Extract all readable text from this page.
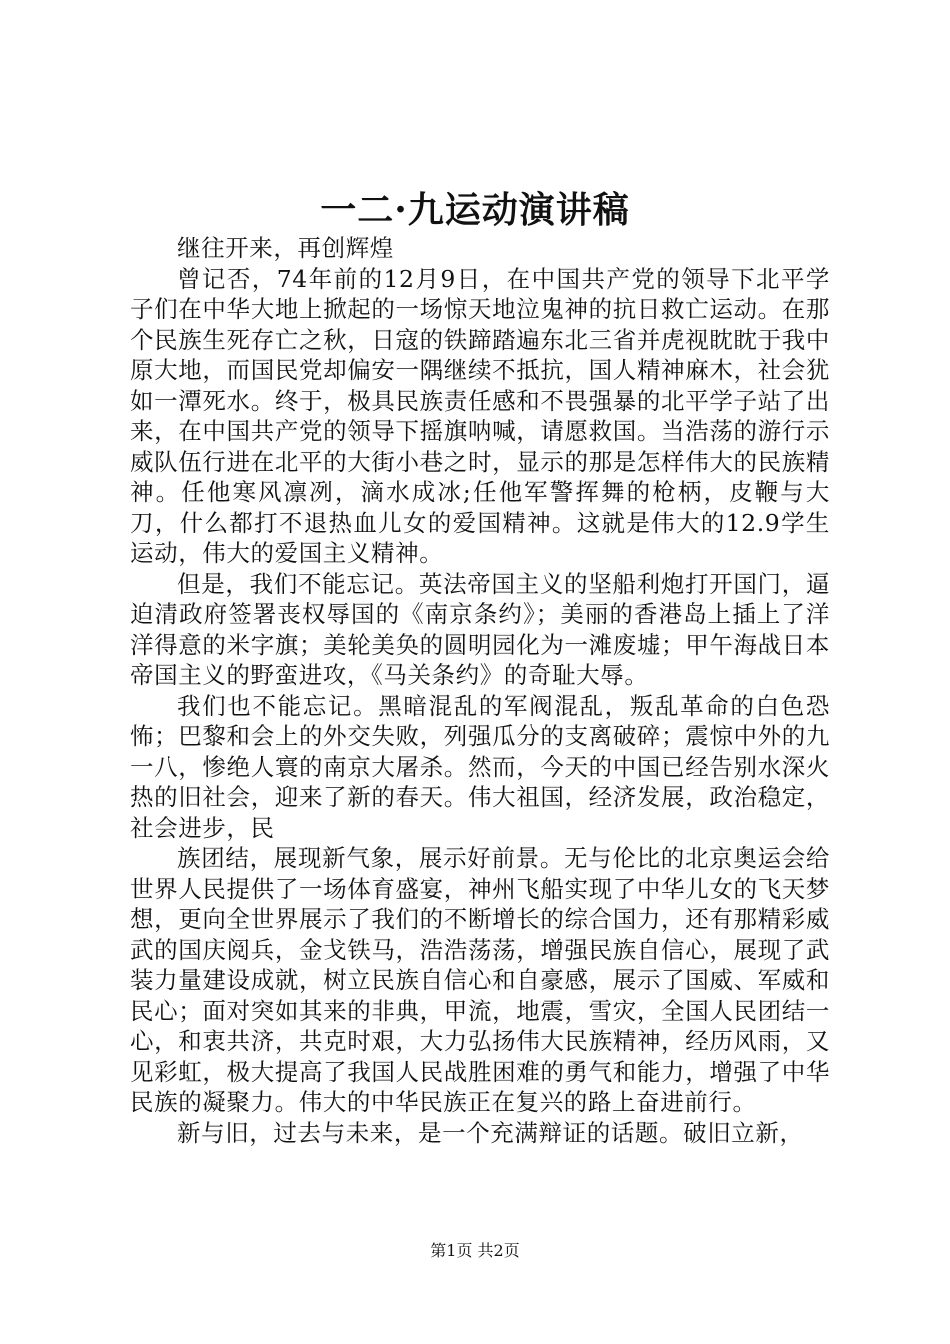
一二·九运动演讲稿

继往开来，再创辉煌

曾记否，74年前的12月9日，在中国共产党的领导下北平学子们在中华大地上掀起的一场惊天地泣鬼神的抗日救亡运动。在那个民族生死存亡之秋，日寇的铁蹄踏遍东北三省并虎视眈眈于我中原大地，而国民党却偏安一隅继续不抵抗，国人精神麻木，社会犹如一潭死水。终于，极具民族责任感和不畏强暴的北平学子站了出来，在中国共产党的领导下摇旗呐喊，请愿救国。当浩荡的游行示威队伍行进在北平的大街小巷之时，显示的那是怎样伟大的民族精神。任他寒风凛冽，滴水成冰;任他军警挥舞的枪柄，皮鞭与大刀，什么都打不退热血儿女的爱国精神。这就是伟大的12.9学生运动，伟大的爱国主义精神。

但是，我们不能忘记。英法帝国主义的坚船利炮打开国门，逼迫清政府签署丧权辱国的《南京条约》；美丽的香港岛上插上了洋洋得意的米字旗；美轮美奂的圆明园化为一滩废墟；甲午海战日本帝国主义的野蛮进攻，《马关条约》的奇耻大辱。

我们也不能忘记。黑暗混乱的军阀混乱，叛乱革命的白色恐怖；巴黎和会上的外交失败，列强瓜分的支离破碎；震惊中外的九一八，惨绝人寰的南京大屠杀。然而，今天的中国已经告别水深火热的旧社会，迎来了新的春天。伟大祖国，经济发展，政治稳定，社会进步，民

族团结，展现新气象，展示好前景。无与伦比的北京奥运会给世界人民提供了一场体育盛宴，神州飞船实现了中华儿女的飞天梦想，更向全世界展示了我们的不断增长的综合国力，还有那精彩威武的国庆阅兵，金戈铁马，浩浩荡荡，增强民族自信心，展现了武装力量建设成就，树立民族自信心和自豪感，展示了国威、军威和民心；面对突如其来的非典，甲流，地震，雪灾，全国人民团结一心，和衷共济，共克时艰，大力弘扬伟大民族精神，经历风雨，又见彩虹，极大提高了我国人民战胜困难的勇气和能力，增强了中华民族的凝聚力。伟大的中华民族正在复兴的路上奋进前行。

新与旧，过去与未来，是一个充满辩证的话题。破旧立新，

第1页 共2页
